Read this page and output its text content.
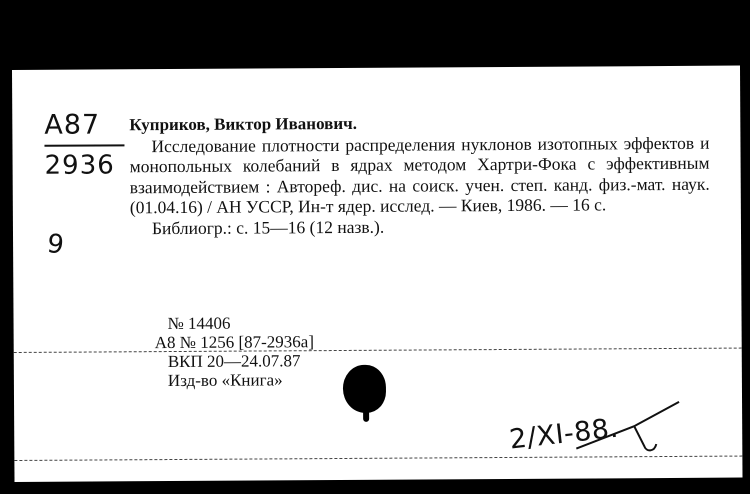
A87
2936
9

Куприков, Виктор Иванович.

Исследование плотности распределения нуклонов изотопных эффектов и монопольных колебаний в ядрах методом Хартри-Фока с эффективным взаимодействием : Автореф. дис. на соиск. учен. степ. канд. физ.-мат. наук. (01.04.16) / АН УССР, Ин-т ядер. исслед. — Киев, 1986. — 16 с.

Библиогр.: с. 15—16 (12 назв.).

№ 14406
А8 № 1256 [87-2936а]
ВКП 20—24.07.87
Изд-во «Книга»
2/XI-88.
